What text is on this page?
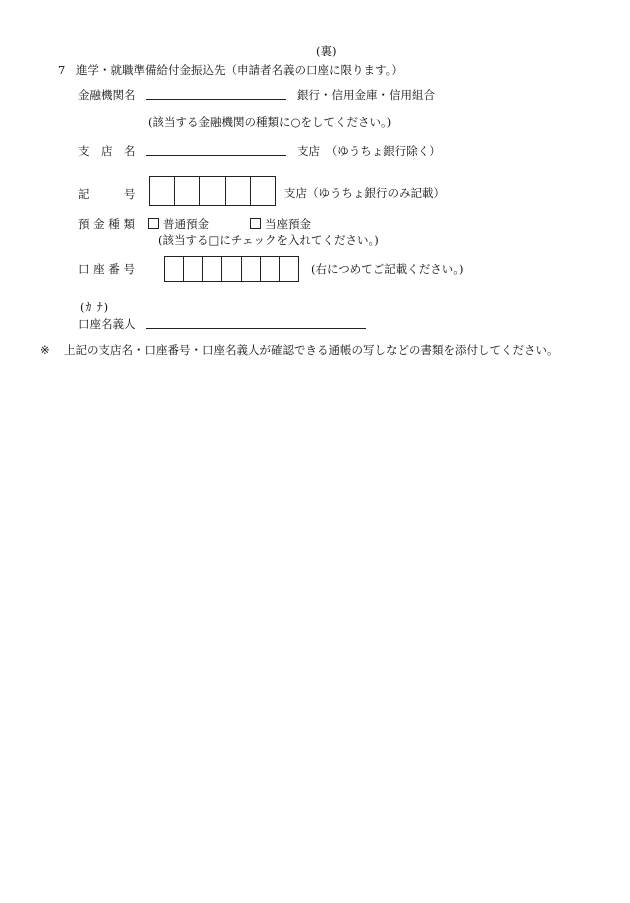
(裏)
7 進学・就職準備給付金振込先（申請者名義の口座に限ります。）
金融機関名	銀行・信用金庫・信用組合
(該当する金融機関の種類に○をしてください。)
支　店　名	支店　（ゆうちょ銀行除く）
記　　　号	支店（ゆうちょ銀行のみ記載）
預 金 種 類	普通預金	当座預金
(該当する□にチェックを入れてください。)
口 座 番 号	(右につめてご記載ください。)
(ｶ ﾅ)
口座名義人
※ 上記の支店名・口座番号・口座名義人が確認できる通帳の写しなどの書類を添付してください。
